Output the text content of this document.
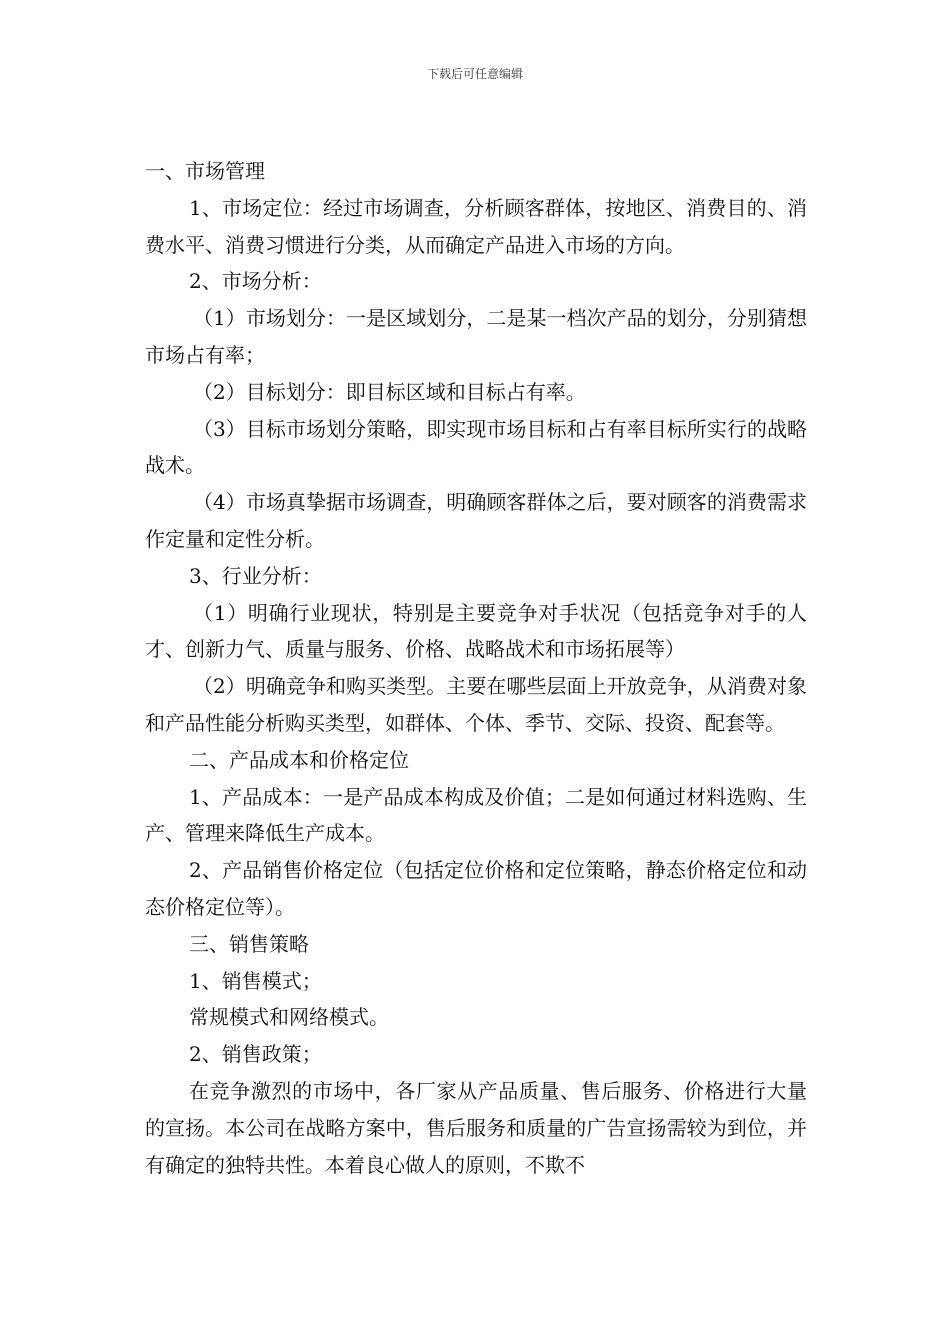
下载后可任意编辑

一、市场管理

1、市场定位：经过市场调查，分析顾客群体，按地区、消费目的、消费水平、消费习惯进行分类，从而确定产品进入市场的方向。

2、市场分析：

（1）市场划分：一是区域划分，二是某一档次产品的划分，分别猜想市场占有率；

（2）目标划分：即目标区域和目标占有率。

（3）目标市场划分策略，即实现市场目标和占有率目标所实行的战略战术。

（4）市场真挚据市场调查，明确顾客群体之后，要对顾客的消费需求作定量和定性分析。

3、行业分析：

（1）明确行业现状，特别是主要竞争对手状况（包括竞争对手的人才、创新力气、质量与服务、价格、战略战术和市场拓展等）

（2）明确竞争和购买类型。主要在哪些层面上开放竞争，从消费对象和产品性能分析购买类型，如群体、个体、季节、交际、投资、配套等。

二、产品成本和价格定位

1、产品成本：一是产品成本构成及价值；二是如何通过材料选购、生产、管理来降低生产成本。

2、产品销售价格定位（包括定位价格和定位策略，静态价格定位和动态价格定位等）。

三、销售策略

1、销售模式；

常规模式和网络模式。

2、销售政策；

在竞争激烈的市场中，各厂家从产品质量、售后服务、价格进行大量的宣扬。本公司在战略方案中，售后服务和质量的广告宣扬需较为到位，并有确定的独特共性。本着良心做人的原则，不欺不
